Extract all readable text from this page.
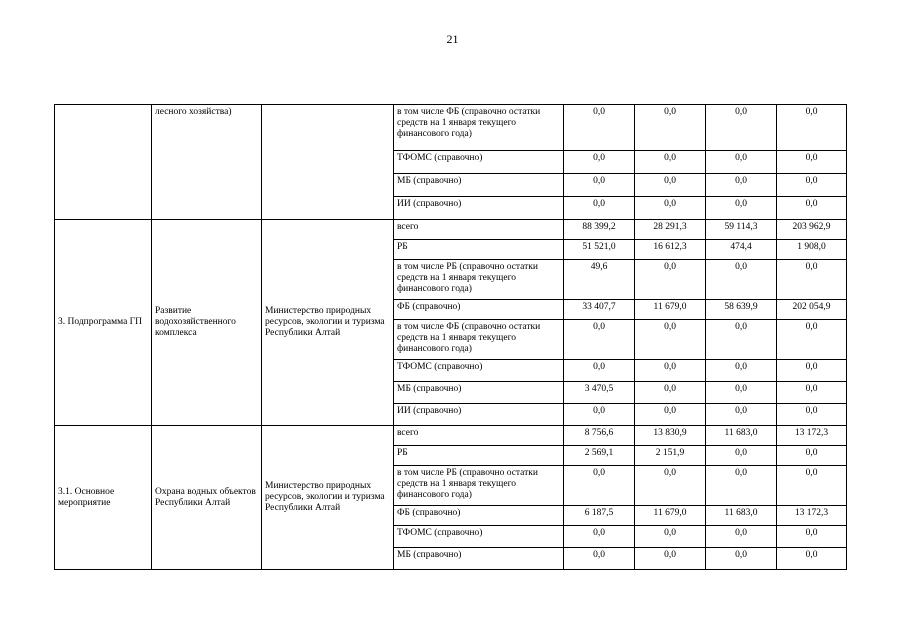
21
	лесного хозяйства)		в том числе ФБ (справочно остатки средств на 1 января текущего финансового года)	0,0	0,0	0,0	0,0
			ТФОМС (справочно)	0,0	0,0	0,0	0,0
			МБ (справочно)	0,0	0,0	0,0	0,0
			ИИ (справочно)	0,0	0,0	0,0	0,0
3. Подпрограмма ГП	Развитие водохозяйственного комплекса	Министерство природных ресурсов, экологии и туризма Республики Алтай	всего	88 399,2	28 291,3	59 114,3	203 962,9
			РБ	51 521,0	16 612,3	474,4	1 908,0
			в том числе РБ (справочно остатки средств на 1 января текущего финансового года)	49,6	0,0	0,0	0,0
			ФБ (справочно)	33 407,7	11 679,0	58 639,9	202 054,9
			в том числе ФБ (справочно остатки средств на 1 января текущего финансового года)	0,0	0,0	0,0	0,0
			ТФОМС (справочно)	0,0	0,0	0,0	0,0
			МБ (справочно)	3 470,5	0,0	0,0	0,0
			ИИ (справочно)	0,0	0,0	0,0	0,0
3.1. Основное мероприятие	Охрана водных объектов Республики Алтай	Министерство природных ресурсов, экологии и туризма Республики Алтай	всего	8 756,6	13 830,9	11 683,0	13 172,3
			РБ	2 569,1	2 151,9	0,0	0,0
			в том числе РБ (справочно остатки средств на 1 января текущего финансового года)	0,0	0,0	0,0	0,0
			ФБ (справочно)	6 187,5	11 679,0	11 683,0	13 172,3
			ТФОМС (справочно)	0,0	0,0	0,0	0,0
			МБ (справочно)	0,0	0,0	0,0	0,0
